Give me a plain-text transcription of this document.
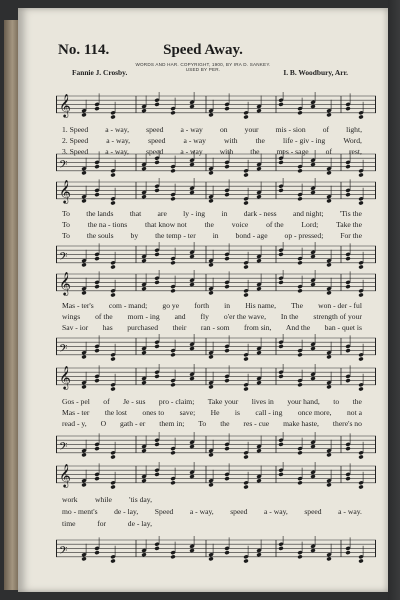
No. 114.	Speed Away.
WORDS AND HAR. COPYRIGHT, 1900, BY IRA D. SANKEY.
USED BY PER.
Fannie J. Crosby.	I. B. Woodbury, Arr.
𝄞
1. Speed a - way, speed a - way on your mis - sion of light,
2. Speed a - way, speed a - way with the life - giv - ing Word,
3. Speed a - way, speed a - way with the mes - sage of rest,
𝄢
𝄞
To the lands that are ly - ing in dark - ness and night; 'Tis the
To the na - tions that know not the voice of the Lord; Take the
To the souls by the temp - ter in bond - age op - pressed; For the
𝄢
𝄞
Mas - ter's com - mand; go ye forth in His name, The won - der - ful
wings of the morn - ing and fly o'er the wave, In the strength of your
Sav - ior has purchased their ran - som from sin, And the ban - quet is
𝄢
𝄞
Gos - pel of Je - sus pro - claim; Take your lives in your hand, to the
Mas - ter the lost ones to save; He is call - ing once more, not a
read - y, O gath - er them in; To the res - cue make haste, there's no
𝄢
𝄞
work while 'tis day,
mo - ment's de - lay, Speed a - way, speed a - way, speed a - way.
time	for	de - lay,
𝄢
